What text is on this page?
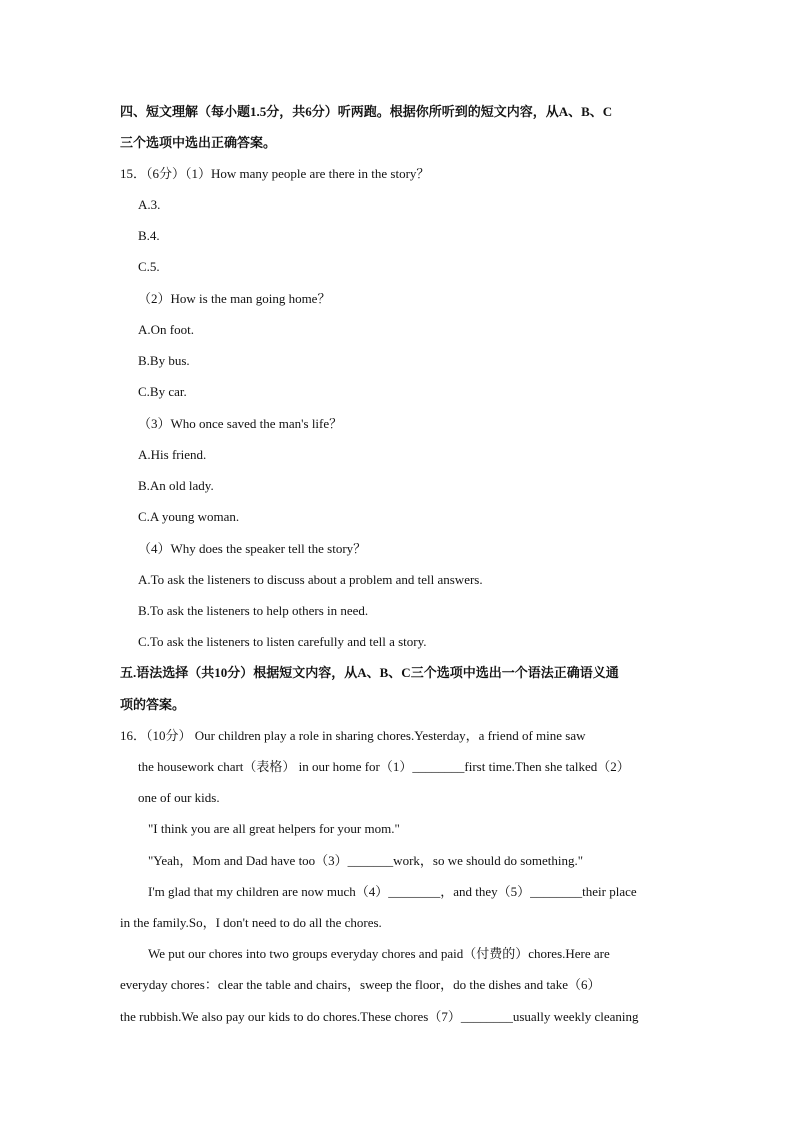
四、短文理解（每小题1.5分，共6分）听两跑。根据你所听到的短文内容，从A、B、C
三个选项中选出正确答案。
15．（6分）（1）How many people are there in the story？
A.3.
B.4.
C.5.
（2）How is the man going home？
A.On foot.
B.By bus.
C.By car.
（3）Who once saved the man's life？
A.His friend.
B.An old lady.
C.A young woman.
（4）Why does the speaker tell the story？
A.To ask the listeners to discuss about a problem and tell answers.
B.To ask the listeners to help others in need.
C.To ask the listeners to listen carefully and tell a story.
五.语法选择（共10分）根据短文内容，从A、B、C三个选项中选出一个语法正确语义通
项的答案。
16．（10分） Our children play a role in sharing chores.Yesterday，a friend of mine saw
the housework chart（表格） in our home for（1）________first time.Then she talked（2）
one of our kids.
"I think you are all great helpers for your mom."
"Yeah，Mom and Dad have too（3）_______work，so we should do something."
I'm glad that my children are now much（4）________，and they（5）________their place
in the family.So，I don't need to do all the chores.
We put our chores into two groups everyday chores and paid（付费的）chores.Here are
everyday chores：clear the table and chairs，sweep the floor，do the dishes and take（6）
the rubbish.We also pay our kids to do chores.These chores（7）________usually weekly cleaning
